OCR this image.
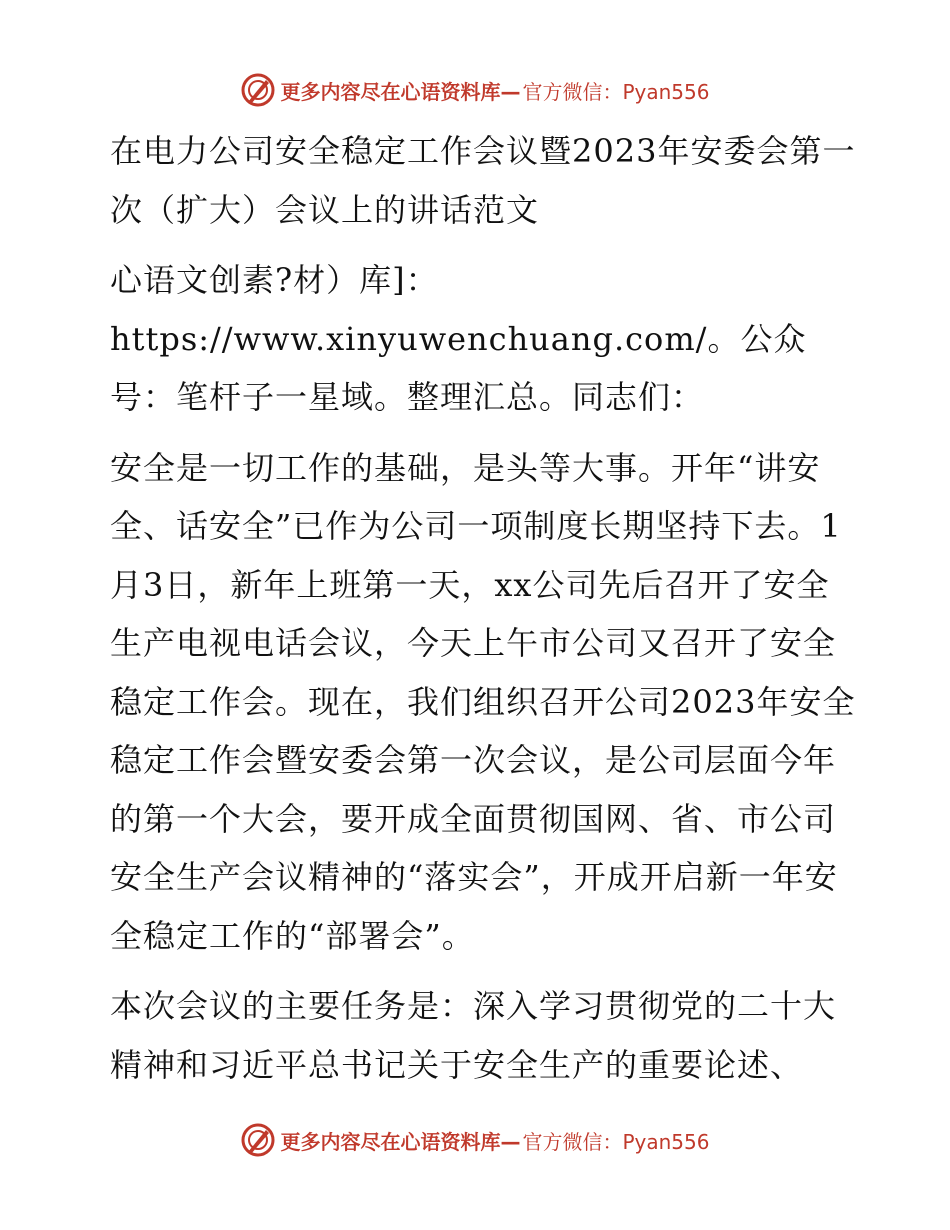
更多内容尽在心语资料库— 官方微信：Pyan556

在电力公司安全稳定工作会议暨2023年安委会第一次（扩大）会议上的讲话范文

心语文创素?材）库]：https://www.xinyuwenchuang.com/。公众号：笔杆子一星域。整理汇总。同志们：

安全是一切工作的基础，是头等大事。开年“讲安全、话安全”已作为公司一项制度长期坚持下去。1月3日，新年上班第一天，xx公司先后召开了安全生产电视电话会议，今天上午市公司又召开了安全稳定工作会。现在，我们组织召开公司2023年安全稳定工作会暨安委会第一次会议，是公司层面今年的第一个大会，要开成全面贯彻国网、省、市公司安全生产会议精神的“落实会”，开成开启新一年安全稳定工作的“部署会”。

本次会议的主要任务是：深入学习贯彻党的二十大精神和习近平总书记关于安全生产的重要论述、

更多内容尽在心语资料库— 官方微信：Pyan556
